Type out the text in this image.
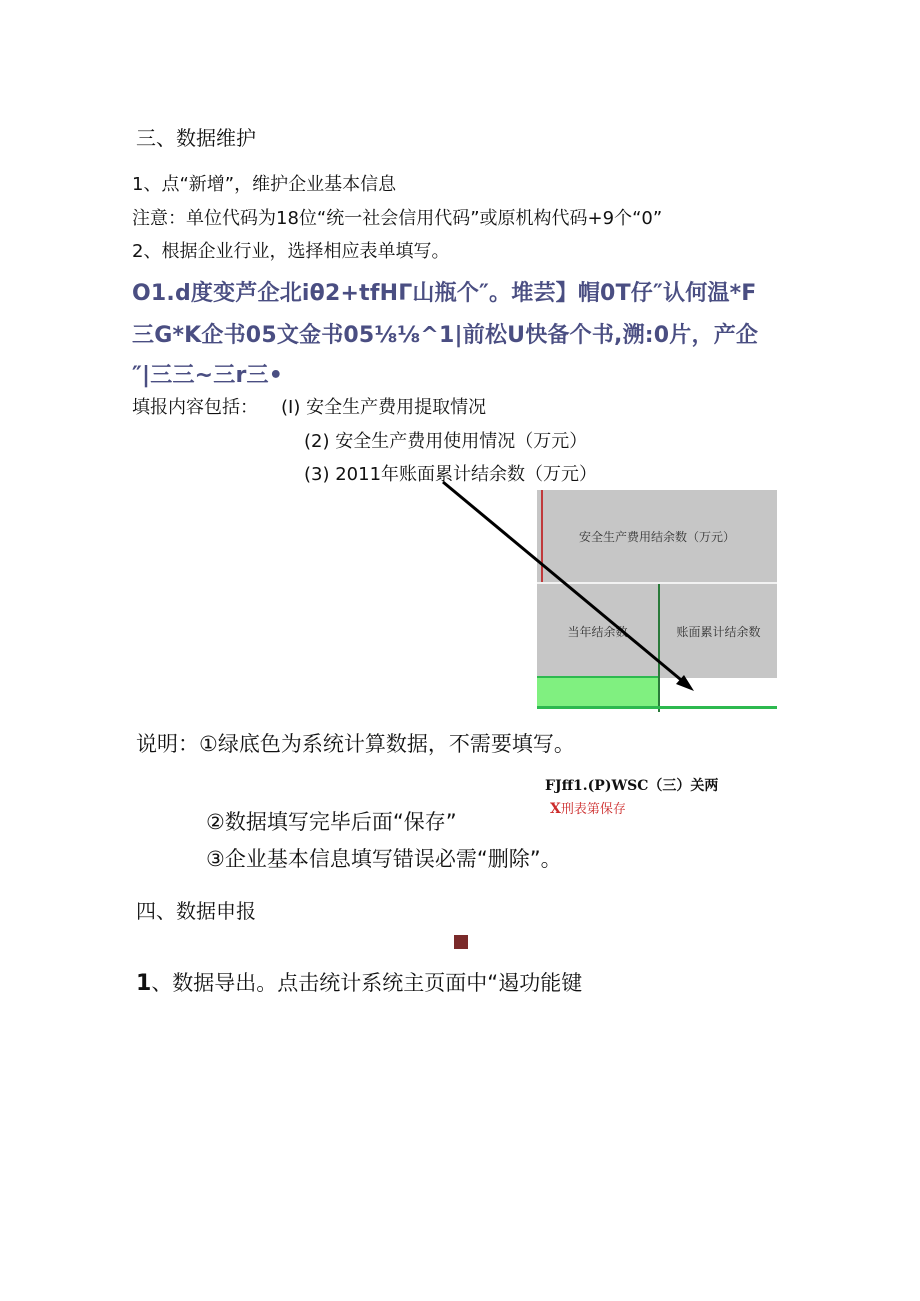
三、数据维护
1、点“新增”，维护企业基本信息
注意：单位代码为18位“统一社会信用代码”或原机构代码+9个“0”
2、根据企业行业，选择相应表单填写。
O1.d度变芦企北iθ2+tfHΓ山瓶个″。堆芸】帽0T仔″认何温*F
三G*K企书05文金书05⅛⅛^1|前松U快备个书,溯:0片，产企
″|三三~三r三•
填报内容包括： (I) 安全生产费用提取情况
(2) 安全生产费用使用情况（万元）
(3) 2011年账面累计结余数（万元）
安全生产费用结余数（万元）
当年结余数	账面累计结余数
说明：①绿底色为系统计算数据，不需要填写。
FJff1.(P)WSC（三）关两
X刑表第保存
②数据填写完毕后面“保存”
③企业基本信息填写错误必需“删除”。
四、数据申报
1、数据导出。点击统计系统主页面中“遏功能键
